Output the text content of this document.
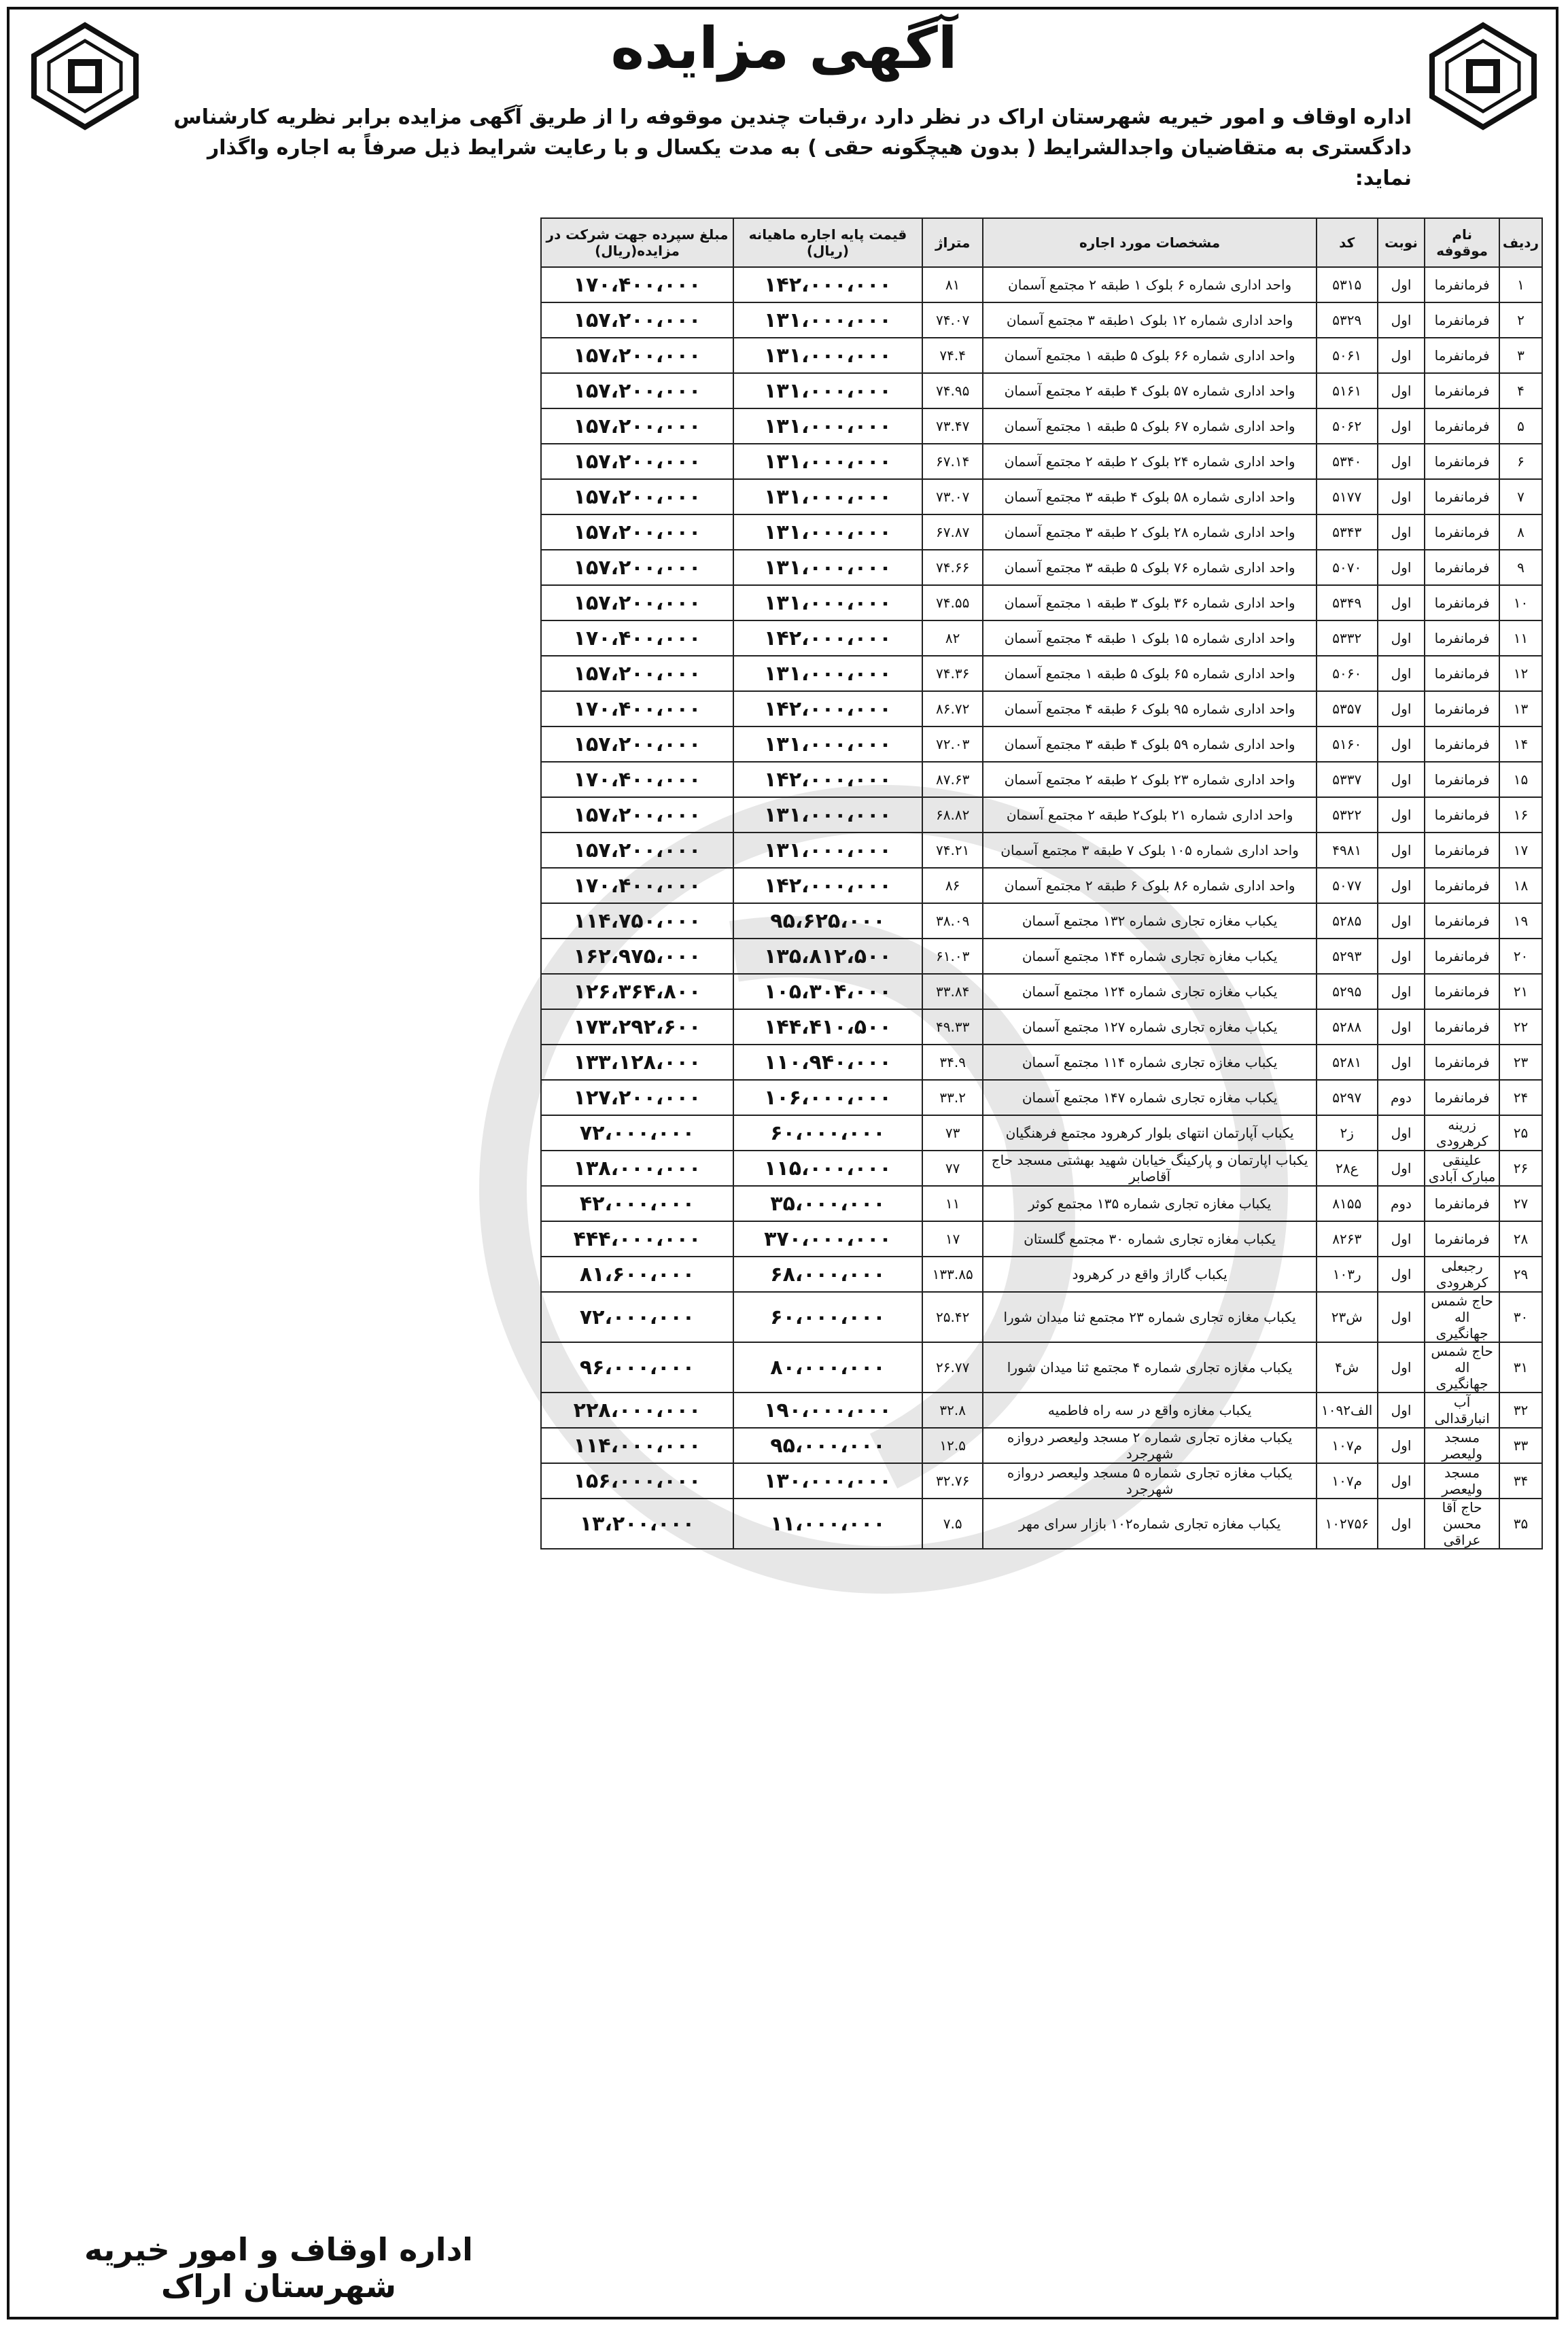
آگهی مزایده
اداره اوقاف و امور خیریه شهرستان اراک در نظر دارد ،رقبات چندین موقوفه را از طریق آگهی مزایده برابر نظریه کارشناس دادگستری به متقاضیان واجدالشرایط ( بدون هیچگونه حقی ) به مدت یکسال و با رعایت شرایط ذیل صرفاً به اجاره واگذار نماید:
ردیف	نام موقوفه	نوبت	کد	مشخصات مورد اجاره	متراژ	قیمت پایه اجاره ماهیانه (ریال)	مبلغ سپرده جهت شرکت در مزایده(ریال)
۱	فرمانفرما	اول	۵۳۱۵	واحد اداری شماره ۶ بلوک ۱ طبقه ۲ مجتمع آسمان	۸۱	۱۴۲،۰۰۰،۰۰۰	۱۷۰،۴۰۰،۰۰۰
۲	فرمانفرما	اول	۵۳۲۹	واحد اداری شماره ۱۲ بلوک ۱طبقه ۳ مجتمع آسمان	۷۴.۰۷	۱۳۱،۰۰۰،۰۰۰	۱۵۷،۲۰۰،۰۰۰
۳	فرمانفرما	اول	۵۰۶۱	واحد اداری شماره ۶۶ بلوک ۵ طبقه ۱ مجتمع آسمان	۷۴.۴	۱۳۱،۰۰۰،۰۰۰	۱۵۷،۲۰۰،۰۰۰
۴	فرمانفرما	اول	۵۱۶۱	واحد اداری شماره ۵۷ بلوک ۴ طبقه ۲ مجتمع آسمان	۷۴.۹۵	۱۳۱،۰۰۰،۰۰۰	۱۵۷،۲۰۰،۰۰۰
۵	فرمانفرما	اول	۵۰۶۲	واحد اداری شماره ۶۷ بلوک ۵ طبقه ۱ مجتمع آسمان	۷۳.۴۷	۱۳۱،۰۰۰،۰۰۰	۱۵۷،۲۰۰،۰۰۰
۶	فرمانفرما	اول	۵۳۴۰	واحد اداری شماره ۲۴ بلوک ۲ طبقه ۲ مجتمع آسمان	۶۷.۱۴	۱۳۱،۰۰۰،۰۰۰	۱۵۷،۲۰۰،۰۰۰
۷	فرمانفرما	اول	۵۱۷۷	واحد اداری شماره ۵۸ بلوک ۴ طبقه ۳ مجتمع آسمان	۷۳.۰۷	۱۳۱،۰۰۰،۰۰۰	۱۵۷،۲۰۰،۰۰۰
۸	فرمانفرما	اول	۵۳۴۳	واحد اداری شماره ۲۸ بلوک ۲ طبقه ۳ مجتمع آسمان	۶۷.۸۷	۱۳۱،۰۰۰،۰۰۰	۱۵۷،۲۰۰،۰۰۰
۹	فرمانفرما	اول	۵۰۷۰	واحد اداری شماره ۷۶ بلوک ۵ طبقه ۳ مجتمع آسمان	۷۴.۶۶	۱۳۱،۰۰۰،۰۰۰	۱۵۷،۲۰۰،۰۰۰
۱۰	فرمانفرما	اول	۵۳۴۹	واحد اداری شماره ۳۶ بلوک ۳ طبقه ۱ مجتمع آسمان	۷۴.۵۵	۱۳۱،۰۰۰،۰۰۰	۱۵۷،۲۰۰،۰۰۰
۱۱	فرمانفرما	اول	۵۳۳۲	واحد اداری شماره ۱۵ بلوک ۱ طبقه ۴ مجتمع آسمان	۸۲	۱۴۲،۰۰۰،۰۰۰	۱۷۰،۴۰۰،۰۰۰
۱۲	فرمانفرما	اول	۵۰۶۰	واحد اداری شماره ۶۵ بلوک ۵ طبقه ۱ مجتمع آسمان	۷۴.۳۶	۱۳۱،۰۰۰،۰۰۰	۱۵۷،۲۰۰،۰۰۰
۱۳	فرمانفرما	اول	۵۳۵۷	واحد اداری شماره ۹۵ بلوک ۶ طبقه ۴ مجتمع آسمان	۸۶.۷۲	۱۴۲،۰۰۰،۰۰۰	۱۷۰،۴۰۰،۰۰۰
۱۴	فرمانفرما	اول	۵۱۶۰	واحد اداری شماره ۵۹ بلوک ۴ طبقه ۳ مجتمع آسمان	۷۲.۰۳	۱۳۱،۰۰۰،۰۰۰	۱۵۷،۲۰۰،۰۰۰
۱۵	فرمانفرما	اول	۵۳۳۷	واحد اداری شماره ۲۳ بلوک ۲ طبقه ۲ مجتمع آسمان	۸۷.۶۳	۱۴۲،۰۰۰،۰۰۰	۱۷۰،۴۰۰،۰۰۰
۱۶	فرمانفرما	اول	۵۳۲۲	واحد اداری شماره ۲۱ بلوک۲ طبقه ۲ مجتمع آسمان	۶۸.۸۲	۱۳۱،۰۰۰،۰۰۰	۱۵۷،۲۰۰،۰۰۰
۱۷	فرمانفرما	اول	۴۹۸۱	واحد اداری شماره ۱۰۵ بلوک ۷ طبقه ۳ مجتمع آسمان	۷۴.۲۱	۱۳۱،۰۰۰،۰۰۰	۱۵۷،۲۰۰،۰۰۰
۱۸	فرمانفرما	اول	۵۰۷۷	واحد اداری شماره ۸۶ بلوک ۶ طبقه ۲ مجتمع آسمان	۸۶	۱۴۲،۰۰۰،۰۰۰	۱۷۰،۴۰۰،۰۰۰
۱۹	فرمانفرما	اول	۵۲۸۵	یکباب مغازه تجاری شماره ۱۳۲ مجتمع آسمان	۳۸.۰۹	۹۵،۶۲۵،۰۰۰	۱۱۴،۷۵۰،۰۰۰
۲۰	فرمانفرما	اول	۵۲۹۳	یکباب مغازه تجاری شماره ۱۴۴ مجتمع آسمان	۶۱.۰۳	۱۳۵،۸۱۲،۵۰۰	۱۶۲،۹۷۵،۰۰۰
۲۱	فرمانفرما	اول	۵۲۹۵	یکباب مغازه تجاری شماره ۱۲۴ مجتمع آسمان	۳۳.۸۴	۱۰۵،۳۰۴،۰۰۰	۱۲۶،۳۶۴،۸۰۰
۲۲	فرمانفرما	اول	۵۲۸۸	یکباب مغازه تجاری شماره ۱۲۷ مجتمع آسمان	۴۹.۳۳	۱۴۴،۴۱۰،۵۰۰	۱۷۳،۲۹۲،۶۰۰
۲۳	فرمانفرما	اول	۵۲۸۱	یکباب مغازه تجاری شماره ۱۱۴ مجتمع آسمان	۳۴.۹	۱۱۰،۹۴۰،۰۰۰	۱۳۳،۱۲۸،۰۰۰
۲۴	فرمانفرما	دوم	۵۲۹۷	یکباب مغازه تجاری شماره ۱۴۷ مجتمع آسمان	۳۳.۲	۱۰۶،۰۰۰،۰۰۰	۱۲۷،۲۰۰،۰۰۰
۲۵	زرینه کرهرودی	اول	ز۲	یکباب آپارتمان انتهای بلوار کرهرود مجتمع فرهنگیان	۷۳	۶۰،۰۰۰،۰۰۰	۷۲،۰۰۰،۰۰۰
۲۶	علینقی مبارک آبادی	اول	ع۲۸	یکباب اپارتمان و پارکینگ خیابان شهید بهشتی مسجد حاج آقاصابر	۷۷	۱۱۵،۰۰۰،۰۰۰	۱۳۸،۰۰۰،۰۰۰
۲۷	فرمانفرما	دوم	۸۱۵۵	یکباب مغازه تجاری شماره ۱۳۵ مجتمع کوثر	۱۱	۳۵،۰۰۰،۰۰۰	۴۲،۰۰۰،۰۰۰
۲۸	فرمانفرما	اول	۸۲۶۳	یکباب مغازه تجاری شماره ۳۰ مجتمع گلستان	۱۷	۳۷۰،۰۰۰،۰۰۰	۴۴۴،۰۰۰،۰۰۰
۲۹	رجبعلی کرهرودی	اول	ر۱۰۳	یکباب گاراژ واقع در کرهرود	۱۳۳.۸۵	۶۸،۰۰۰،۰۰۰	۸۱،۶۰۰،۰۰۰
۳۰	حاج شمس اله جهانگیری	اول	ش۲۳	یکباب مغازه تجاری شماره ۲۳ مجتمع ثنا میدان شورا	۲۵.۴۲	۶۰،۰۰۰،۰۰۰	۷۲،۰۰۰،۰۰۰
۳۱	حاج شمس اله جهانگیری	اول	ش۴	یکباب مغازه تجاری شماره ۴ مجتمع ثنا میدان شورا	۲۶.۷۷	۸۰،۰۰۰،۰۰۰	۹۶،۰۰۰،۰۰۰
۳۲	آب انبارقدالی	اول	الف۱۰۹۲	یکباب مغازه واقع در سه راه فاطمیه	۳۲.۸	۱۹۰،۰۰۰،۰۰۰	۲۲۸،۰۰۰،۰۰۰
۳۳	مسجد ولیعصر	اول	م۱۰۷	یکباب مغازه تجاری شماره ۲ مسجد ولیعصر دروازه شهرجرد	۱۲.۵	۹۵،۰۰۰،۰۰۰	۱۱۴،۰۰۰،۰۰۰
۳۴	مسجد ولیعصر	اول	م۱۰۷	یکباب مغازه تجاری شماره ۵ مسجد ولیعصر دروازه شهرجرد	۳۲.۷۶	۱۳۰،۰۰۰،۰۰۰	۱۵۶،۰۰۰،۰۰۰
۳۵	حاج آقا محسن عراقی	اول	۱۰۲۷۵۶	یکباب مغازه تجاری شماره۱۰۲ بازار سرای مهر	۷.۵	۱۱،۰۰۰،۰۰۰	۱۳،۲۰۰،۰۰۰
اداره اوقاف و امور خیریه شهرستان اراک
